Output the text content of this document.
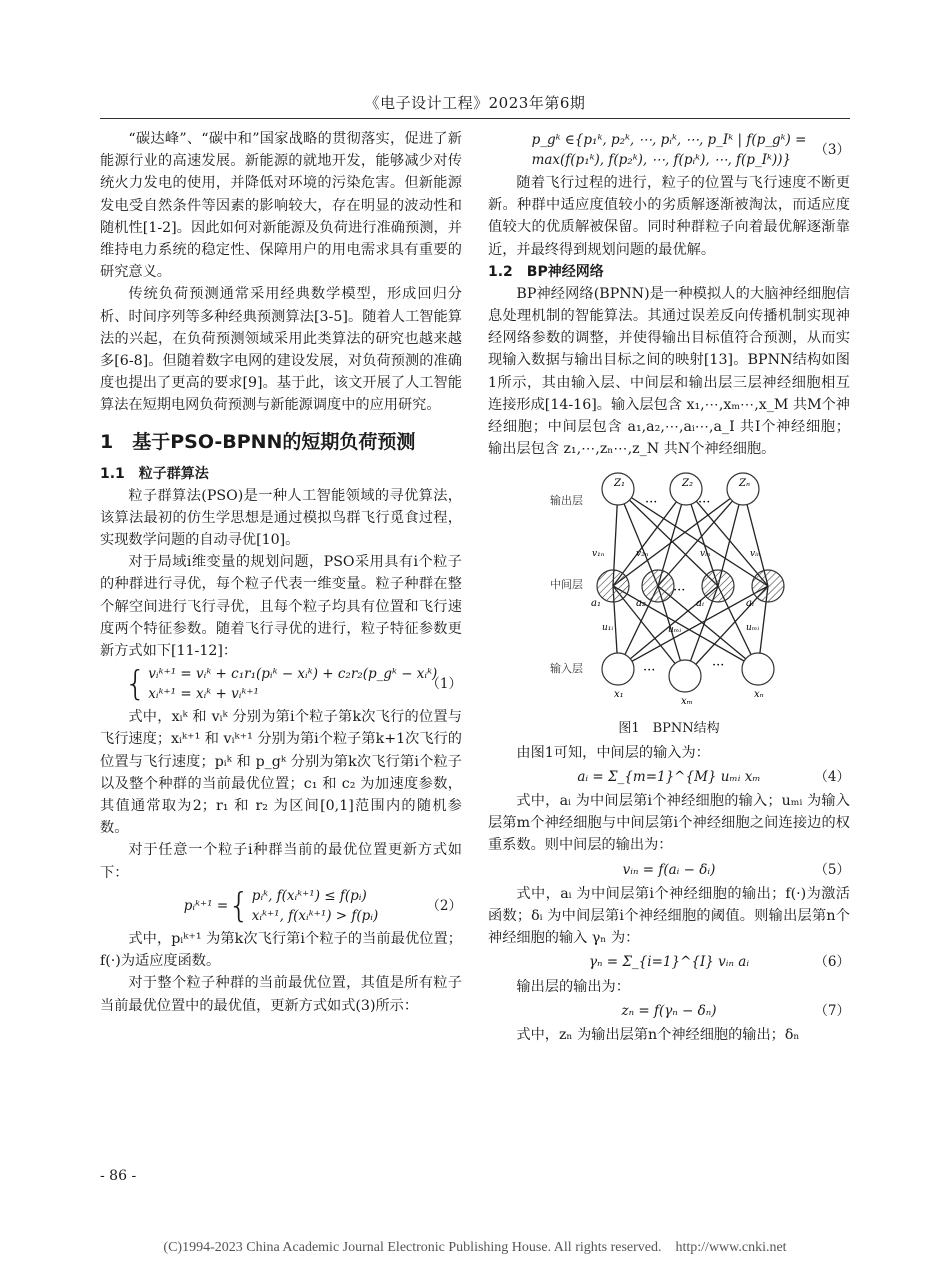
《电子设计工程》2023年第6期

“碳达峰”、“碳中和”国家战略的贯彻落实，促进了新能源行业的高速发展。新能源的就地开发，能够减少对传统火力发电的使用，并降低对环境的污染危害。但新能源发电受自然条件等因素的影响较大，存在明显的波动性和随机性[1-2]。因此如何对新能源及负荷进行准确预测，并维持电力系统的稳定性、保障用户的用电需求具有重要的研究意义。

传统负荷预测通常采用经典数学模型，形成回归分析、时间序列等多种经典预测算法[3-5]。随着人工智能算法的兴起，在负荷预测领域采用此类算法的研究也越来越多[6-8]。但随着数字电网的建设发展，对负荷预测的准确度也提出了更高的要求[9]。基于此，该文开展了人工智能算法在短期电网负荷预测与新能源调度中的应用研究。

1　基于PSO-BPNN的短期负荷预测
1.1　粒子群算法

粒子群算法(PSO)是一种人工智能领域的寻优算法，该算法最初的仿生学思想是通过模拟鸟群飞行觅食过程，实现数学问题的自动寻优[10]。

对于局域i维变量的规划问题，PSO采用具有i个粒子的种群进行寻优，每个粒子代表一维变量。粒子种群在整个解空间进行飞行寻优，且每个粒子均具有位置和飞行速度两个特征参数。随着飞行寻优的进行，粒子特征参数更新方式如下[11-12]：

{ vᵢᵏ⁺¹ = vᵢᵏ + c₁r₁(pᵢᵏ − xᵢᵏ) + c₂r₂(p_gᵏ − xᵢᵏ)
xᵢᵏ⁺¹ = xᵢᵏ + vᵢᵏ⁺¹
（1）

式中，xᵢᵏ 和 vᵢᵏ 分别为第i个粒子第k次飞行的位置与飞行速度；xᵢᵏ⁺¹ 和 vᵢᵏ⁺¹ 分别为第i个粒子第k+1次飞行的位置与飞行速度；pᵢᵏ 和 p_gᵏ 分别为第k次飞行第i个粒子以及整个种群的当前最优位置；c₁ 和 c₂ 为加速度参数，其值通常取为2；r₁ 和 r₂ 为区间[0,1]范围内的随机参数。

对于任意一个粒子i种群当前的最优位置更新方式如下：

pᵢᵏ⁺¹ = { pᵢᵏ, f(xᵢᵏ⁺¹) ≤ f(pᵢ)
xᵢᵏ⁺¹, f(xᵢᵏ⁺¹) > f(pᵢ)
（2）

式中，pᵢᵏ⁺¹ 为第k次飞行第i个粒子的当前最优位置；f(·)为适应度函数。

对于整个粒子种群的当前最优位置，其值是所有粒子当前最优位置中的最优值，更新方式如式(3)所示：

- 86 -
p_gᵏ ∈{p₁ᵏ, p₂ᵏ, ⋯, pᵢᵏ, ⋯, p_Iᵏ | f(p_gᵏ) =
max(f(p₁ᵏ), f(p₂ᵏ), ⋯, f(pᵢᵏ), ⋯, f(p_Iᵏ))}
（3）

随着飞行过程的进行，粒子的位置与飞行速度不断更新。种群中适应度值较小的劣质解逐渐被淘汰，而适应度值较大的优质解被保留。同时种群粒子向着最优解逐渐靠近，并最终得到规划问题的最优解。

1.2　BP神经网络

BP神经网络(BPNN)是一种模拟人的大脑神经细胞信息处理机制的智能算法。其通过误差反向传播机制实现神经网络参数的调整，并使得输出目标值符合预测，从而实现输入数据与输出目标之间的映射[13]。BPNN结构如图1所示，其由输入层、中间层和输出层三层神经细胞相互连接形成[14-16]。输入层包含 x₁,⋯,xₘ⋯,x_M 共M个神经细胞；中间层包含 a₁,a₂,⋯,aᵢ⋯,a_I 共I个神经细胞；输出层包含 z₁,⋯,zₙ⋯,z_N 共N个神经细胞。

Z₁	Z₂	Zₙ
a₁	a₂	aᵢ	aᵢ
x₁
xₘ
xₙ
v₁ₙ	v₂ₙ	vᵢₙ	vᵢₙ
u₁ᵢ	uₘᵢ	uₘᵢ
输出层
中间层
输入层
···	···
···
···	···
图1　BPNN结构

由图1可知，中间层的输入为：

aᵢ = Σ_{m=1}^{M} uₘᵢ xₘ	（4）

式中，aᵢ 为中间层第i个神经细胞的输入；uₘᵢ 为输入层第m个神经细胞与中间层第i个神经细胞之间连接边的权重系数。则中间层的输出为：

vᵢₙ = f(aᵢ − δᵢ)	（5）

式中，aᵢ 为中间层第i个神经细胞的输出；f(·)为激活函数；δᵢ 为中间层第i个神经细胞的阈值。则输出层第n个神经细胞的输入 γₙ 为：

γₙ = Σ_{i=1}^{I} vᵢₙ aᵢ	（6）

输出层的输出为：

zₙ = f(γₙ − δₙ)	（7）

式中，zₙ 为输出层第n个神经细胞的输出；δₙ

(C)1994-2023 China Academic Journal Electronic Publishing House. All rights reserved.　http://www.cnki.net
